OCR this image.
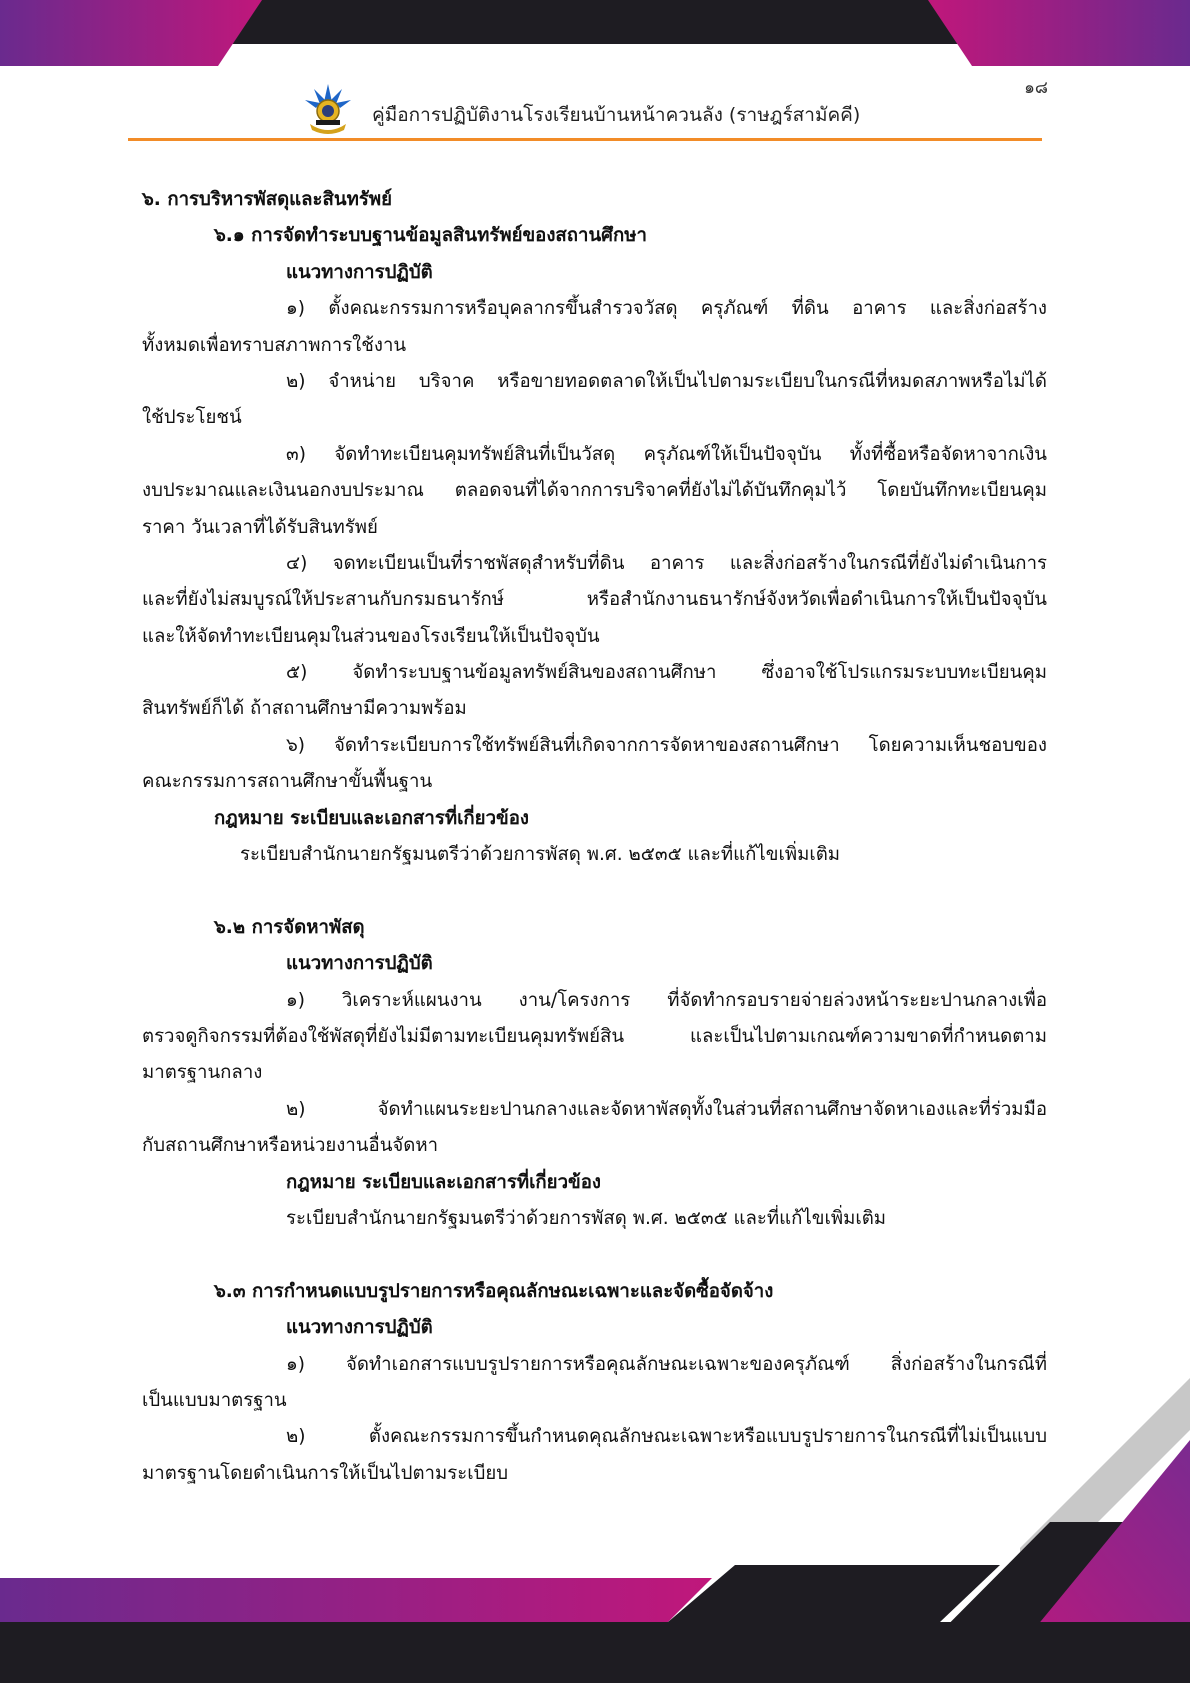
๑๘
คู่มือการปฏิบัติงานโรงเรียนบ้านหน้าควนลัง (ราษฎร์สามัคคี)
๖. การบริหารพัสดุและสินทรัพย์
๖.๑ การจัดทำระบบฐานข้อมูลสินทรัพย์ของสถานศึกษา
แนวทางการปฏิบัติ
๑) ตั้งคณะกรรมการหรือบุคลากรขึ้นสำรวจวัสดุ ครุภัณฑ์ ที่ดิน อาคาร และสิ่งก่อสร้าง
ทั้งหมดเพื่อทราบสภาพการใช้งาน
๒) จำหน่าย บริจาค หรือขายทอดตลาดให้เป็นไปตามระเบียบในกรณีที่หมดสภาพหรือไม่ได้
ใช้ประโยชน์
๓) จัดทำทะเบียนคุมทรัพย์สินที่เป็นวัสดุ ครุภัณฑ์ให้เป็นปัจจุบัน ทั้งที่ซื้อหรือจัดหาจากเงิน
งบประมาณและเงินนอกงบประมาณ ตลอดจนที่ได้จากการบริจาคที่ยังไม่ได้บันทึกคุมไว้ โดยบันทึกทะเบียนคุม
ราคา วันเวลาที่ได้รับสินทรัพย์
๔) จดทะเบียนเป็นที่ราชพัสดุสำหรับที่ดิน อาคาร และสิ่งก่อสร้างในกรณีที่ยังไม่ดำเนินการ
และที่ยังไม่สมบูรณ์ให้ประสานกับกรมธนารักษ์ หรือสำนักงานธนารักษ์จังหวัดเพื่อดำเนินการให้เป็นปัจจุบัน
และให้จัดทำทะเบียนคุมในส่วนของโรงเรียนให้เป็นปัจจุบัน
๕) จัดทำระบบฐานข้อมูลทรัพย์สินของสถานศึกษา ซึ่งอาจใช้โปรแกรมระบบทะเบียนคุม
สินทรัพย์ก็ได้ ถ้าสถานศึกษามีความพร้อม
๖) จัดทำระเบียบการใช้ทรัพย์สินที่เกิดจากการจัดหาของสถานศึกษา โดยความเห็นชอบของ
คณะกรรมการสถานศึกษาขั้นพื้นฐาน
กฎหมาย ระเบียบและเอกสารที่เกี่ยวข้อง
ระเบียบสำนักนายกรัฐมนตรีว่าด้วยการพัสดุ พ.ศ. ๒๕๓๕ และที่แก้ไขเพิ่มเติม
๖.๒ การจัดหาพัสดุ
แนวทางการปฏิบัติ
๑) วิเคราะห์แผนงาน งาน/โครงการ ที่จัดทำกรอบรายจ่ายล่วงหน้าระยะปานกลางเพื่อ
ตรวจดูกิจกรรมที่ต้องใช้พัสดุที่ยังไม่มีตามทะเบียนคุมทรัพย์สิน และเป็นไปตามเกณฑ์ความขาดที่กำหนดตาม
มาตรฐานกลาง
๒) จัดทำแผนระยะปานกลางและจัดหาพัสดุทั้งในส่วนที่สถานศึกษาจัดหาเองและที่ร่วมมือ
กับสถานศึกษาหรือหน่วยงานอื่นจัดหา
กฎหมาย ระเบียบและเอกสารที่เกี่ยวข้อง
ระเบียบสำนักนายกรัฐมนตรีว่าด้วยการพัสดุ พ.ศ. ๒๕๓๕ และที่แก้ไขเพิ่มเติม
๖.๓ การกำหนดแบบรูปรายการหรือคุณลักษณะเฉพาะและจัดซื้อจัดจ้าง
แนวทางการปฏิบัติ
๑) จัดทำเอกสารแบบรูปรายการหรือคุณลักษณะเฉพาะของครุภัณฑ์ สิ่งก่อสร้างในกรณีที่
เป็นแบบมาตรฐาน
๒) ตั้งคณะกรรมการขึ้นกำหนดคุณลักษณะเฉพาะหรือแบบรูปรายการในกรณีที่ไม่เป็นแบบ
มาตรฐานโดยดำเนินการให้เป็นไปตามระเบียบ
